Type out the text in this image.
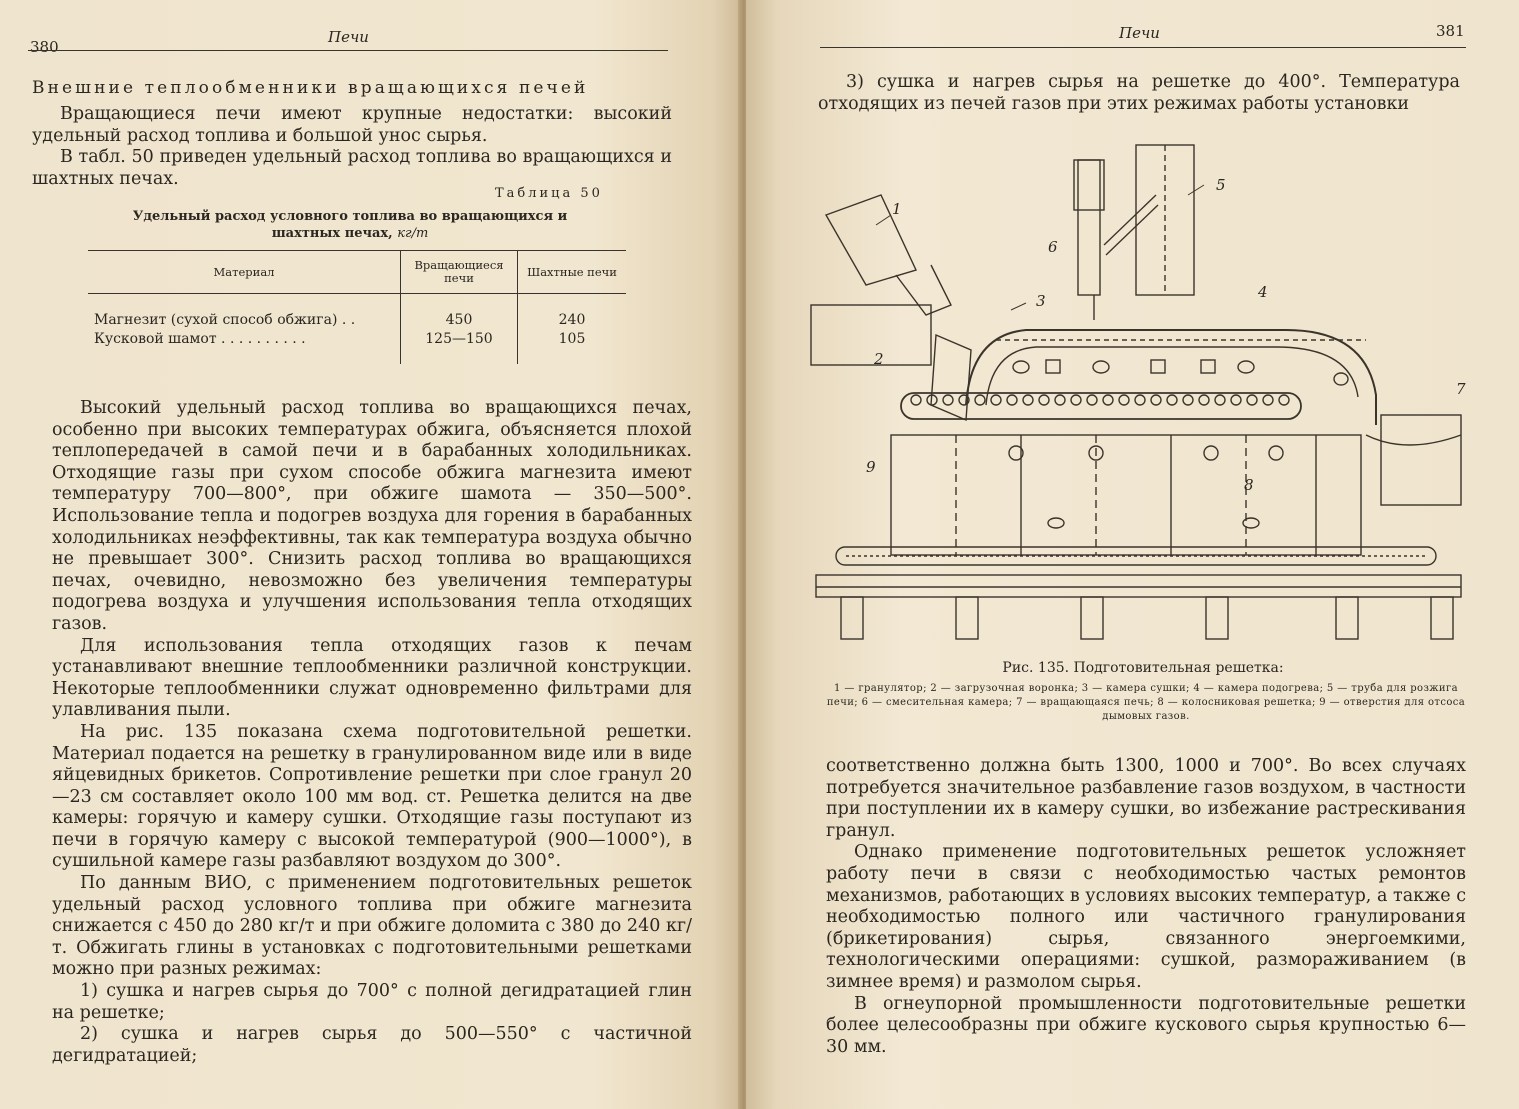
380
Печи
Внешние теплообменники вращающихся печей

Вращающиеся печи имеют крупные недостатки: высокий удельный расход топлива и большой унос сырья.

В табл. 50 приведен удельный расход топлива во вращающихся и шахтных печах.

Таблица 50
Удельный расход условного топлива во вращающихся и шахтных печах, кг/т
Материал	Вращающиеся печи	Шахтные печи
Магнезит (сухой способ обжига) . .	450	240
Кусковой шамот . . . . . . . . . .	125—150	105

Высокий удельный расход топлива во вращающихся печах, особенно при высоких температурах обжига, объясняется плохой теплопередачей в самой печи и в барабанных холодильниках. Отходящие газы при сухом способе обжига магнезита имеют температуру 700—800°, при обжиге шамота — 350—500°. Использование тепла и подогрев воздуха для горения в барабанных холодильниках неэффективны, так как температура воздуха обычно не превышает 300°. Снизить расход топлива во вращающихся печах, очевидно, невозможно без увеличения температуры подогрева воздуха и улучшения использования тепла отходящих газов.

Для использования тепла отходящих газов к печам устанавливают внешние теплообменники различной конструкции. Некоторые теплообменники служат одновременно фильтрами для улавливания пыли.

На рис. 135 показана схема подготовительной решетки. Материал подается на решетку в гранулированном виде или в виде яйцевидных брикетов. Сопротивление решетки при слое гранул 20—23 см составляет около 100 мм вод. ст. Решетка делится на две камеры: горячую и камеру сушки. Отходящие газы поступают из печи в горячую камеру с высокой температурой (900—1000°), в сушильной камере газы разбавляют воздухом до 300°.

По данным ВИО, с применением подготовительных решеток удельный расход условного топлива при обжиге магнезита снижается с 450 до 280 кг/т и при обжиге доломита с 380 до 240 кг/т. Обжигать глины в установках с подготовительными решетками можно при разных режимах:

1) сушка и нагрев сырья до 700° с полной дегидратацией глин на решетке;

2) сушка и нагрев сырья до 500—550° с частичной дегидратацией;

Печи	381

3) сушка и нагрев сырья на решетке до 400°. Температура отходящих из печей газов при этих режимах работы установки

1
2
3	4
5
6
7
8
9
Рис. 135. Подготовительная решетка:
1 — гранулятор; 2 — загрузочная воронка; 3 — камера сушки; 4 — камера подогрева; 5 — труба для розжига печи; 6 — смесительная камера; 7 — вращающаяся печь; 8 — колосниковая решетка; 9 — отверстия для отсоса дымовых газов.

соответственно должна быть 1300, 1000 и 700°. Во всех случаях потребуется значительное разбавление газов воздухом, в частности при поступлении их в камеру сушки, во избежание растрескивания гранул.

Однако применение подготовительных решеток усложняет работу печи в связи с необходимостью частых ремонтов механизмов, работающих в условиях высоких температур, а также с необходимостью полного или частичного гранулирования (брикетирования) сырья, связанного энергоемкими, технологическими операциями: сушкой, размораживанием (в зимнее время) и размолом сырья.

В огнеупорной промышленности подготовительные решетки более целесообразны при обжиге кускового сырья крупностью 6—30 мм.
